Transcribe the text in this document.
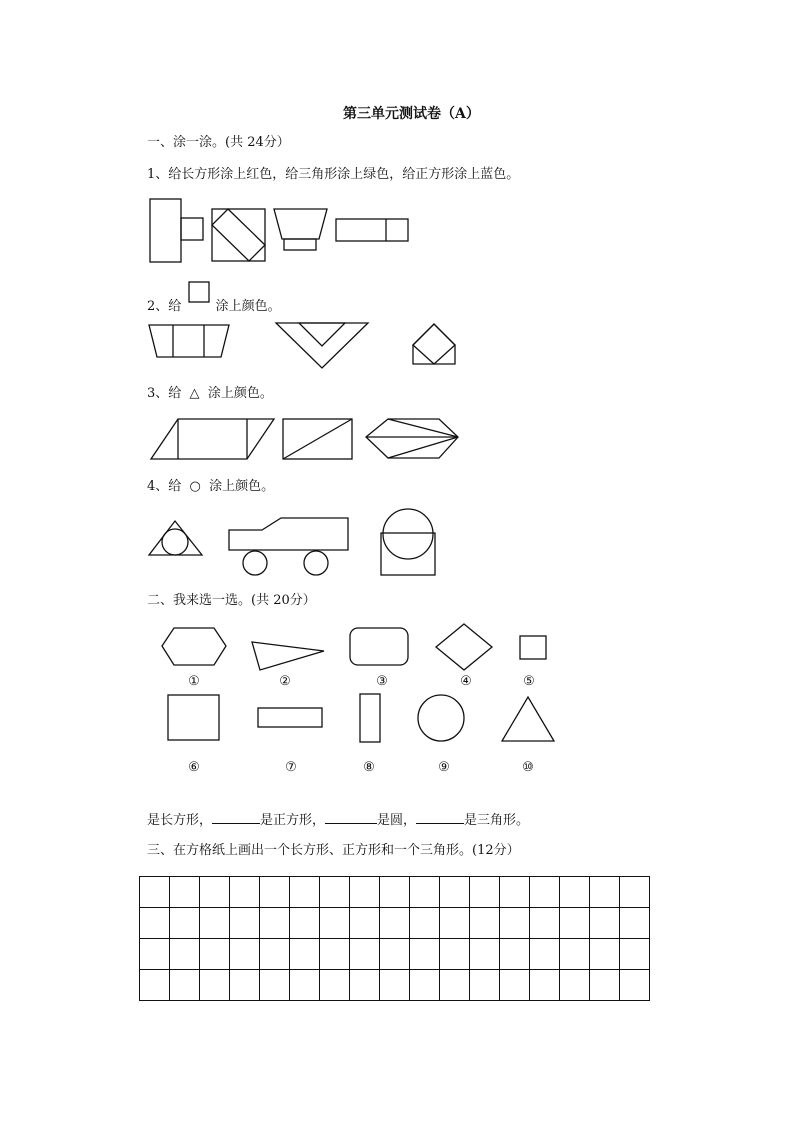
第三单元测试卷（A）
一、涂一涂。(共 24分）
1、给长方形涂上红色，给三角形涂上绿色，给正方形涂上蓝色。
2、给	涂上颜色。
3、给 △ 涂上颜色。
4、给 ○ 涂上颜色。
二、我来选一选。(共 20分）
①	②	③	④	⑤
⑥	⑦	⑧	⑨	⑩
是长方形，	是正方形，	是圆，	是三角形。
三、在方格纸上画出一个长方形、正方形和一个三角形。(12分）
